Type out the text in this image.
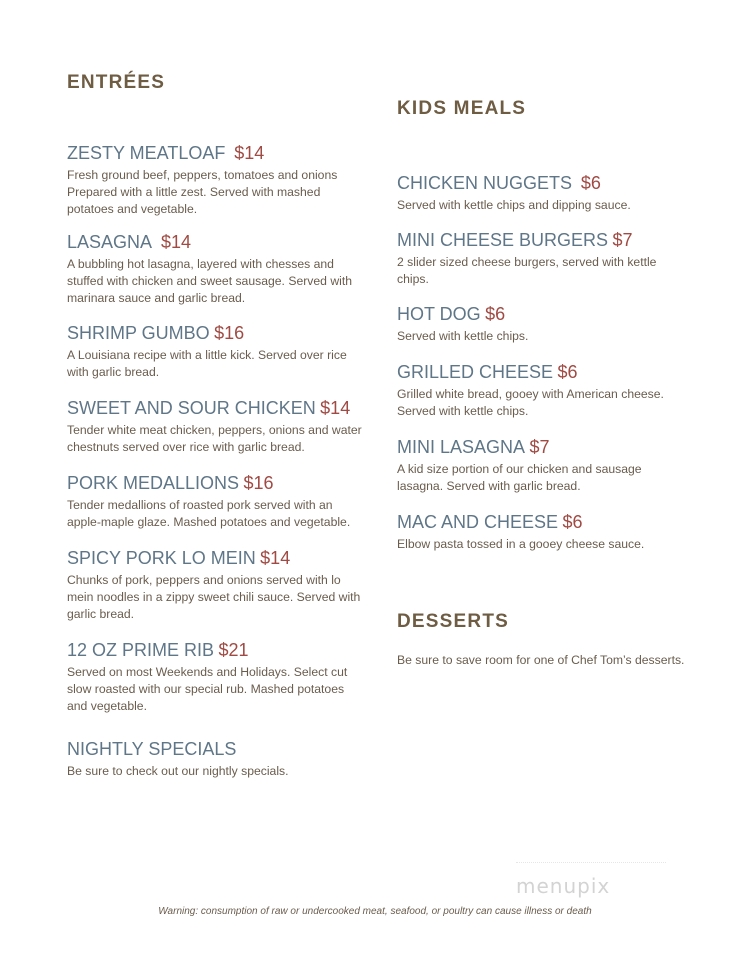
ENTRÉES
ZESTY MEATLOAF $14
Fresh ground beef, peppers, tomatoes and onions Prepared with a little zest. Served with mashed potatoes and vegetable.
LASAGNA $14
A bubbling hot lasagna, layered with chesses and stuffed with chicken and sweet sausage. Served with marinara sauce and garlic bread.
SHRIMP GUMBO $16
A Louisiana recipe with a little kick. Served over rice with garlic bread.
SWEET AND SOUR CHICKEN $14
Tender white meat chicken, peppers, onions and water chestnuts served over rice with garlic bread.
PORK MEDALLIONS $16
Tender medallions of roasted pork served with an apple-maple glaze. Mashed potatoes and vegetable.
SPICY PORK LO MEIN $14
Chunks of pork, peppers and onions served with lo mein noodles in a zippy sweet chili sauce. Served with garlic bread.
12 OZ PRIME RIB $21
Served on most Weekends and Holidays. Select cut slow roasted with our special rub. Mashed potatoes and vegetable.
NIGHTLY SPECIALS
Be sure to check out our nightly specials.
KIDS MEALS
CHICKEN NUGGETS $6
Served with kettle chips and dipping sauce.
MINI CHEESE BURGERS $7
2 slider sized cheese burgers, served with kettle chips.
HOT DOG $6
Served with kettle chips.
GRILLED CHEESE $6
Grilled white bread, gooey with American cheese. Served with kettle chips.
MINI LASAGNA $7
A kid size portion of our chicken and sausage lasagna. Served with garlic bread.
MAC AND CHEESE $6
Elbow pasta tossed in a gooey cheese sauce.
DESSERTS
Be sure to save room for one of Chef Tom’s desserts.
menupix
Warning: consumption of raw or undercooked meat, seafood, or poultry can cause illness or death
